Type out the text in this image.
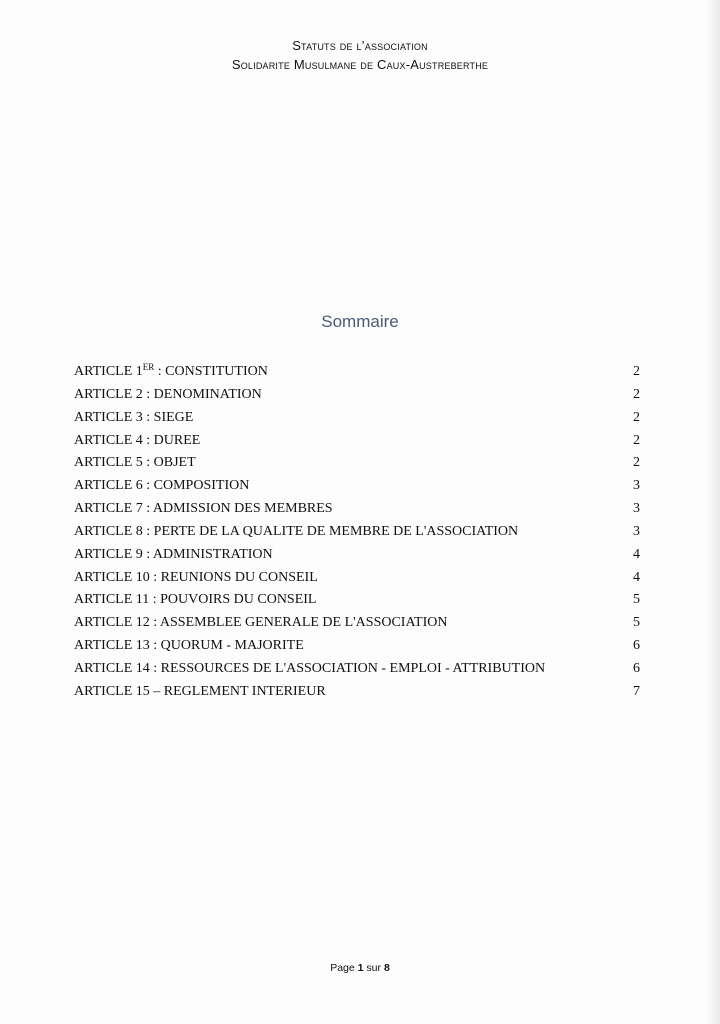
Statuts de l’association
Solidarite Musulmane de Caux-Austreberthe
Sommaire
ARTICLE 1ER : CONSTITUTION	2
ARTICLE 2 : DENOMINATION	2
ARTICLE 3 : SIEGE	2
ARTICLE 4 : DUREE	2
ARTICLE 5 : OBJET	2
ARTICLE 6 : COMPOSITION	3
ARTICLE 7 : ADMISSION DES MEMBRES	3
ARTICLE 8 : PERTE DE LA QUALITE DE MEMBRE DE L'ASSOCIATION	3
ARTICLE 9 : ADMINISTRATION	4
ARTICLE 10 : REUNIONS DU CONSEIL	4
ARTICLE 11 : POUVOIRS DU CONSEIL	5
ARTICLE 12 : ASSEMBLEE GENERALE DE L'ASSOCIATION	5
ARTICLE 13 : QUORUM - MAJORITE	6
ARTICLE 14 : RESSOURCES DE L'ASSOCIATION - EMPLOI - ATTRIBUTION	6
ARTICLE 15 – REGLEMENT INTERIEUR	7
Page 1 sur 8
